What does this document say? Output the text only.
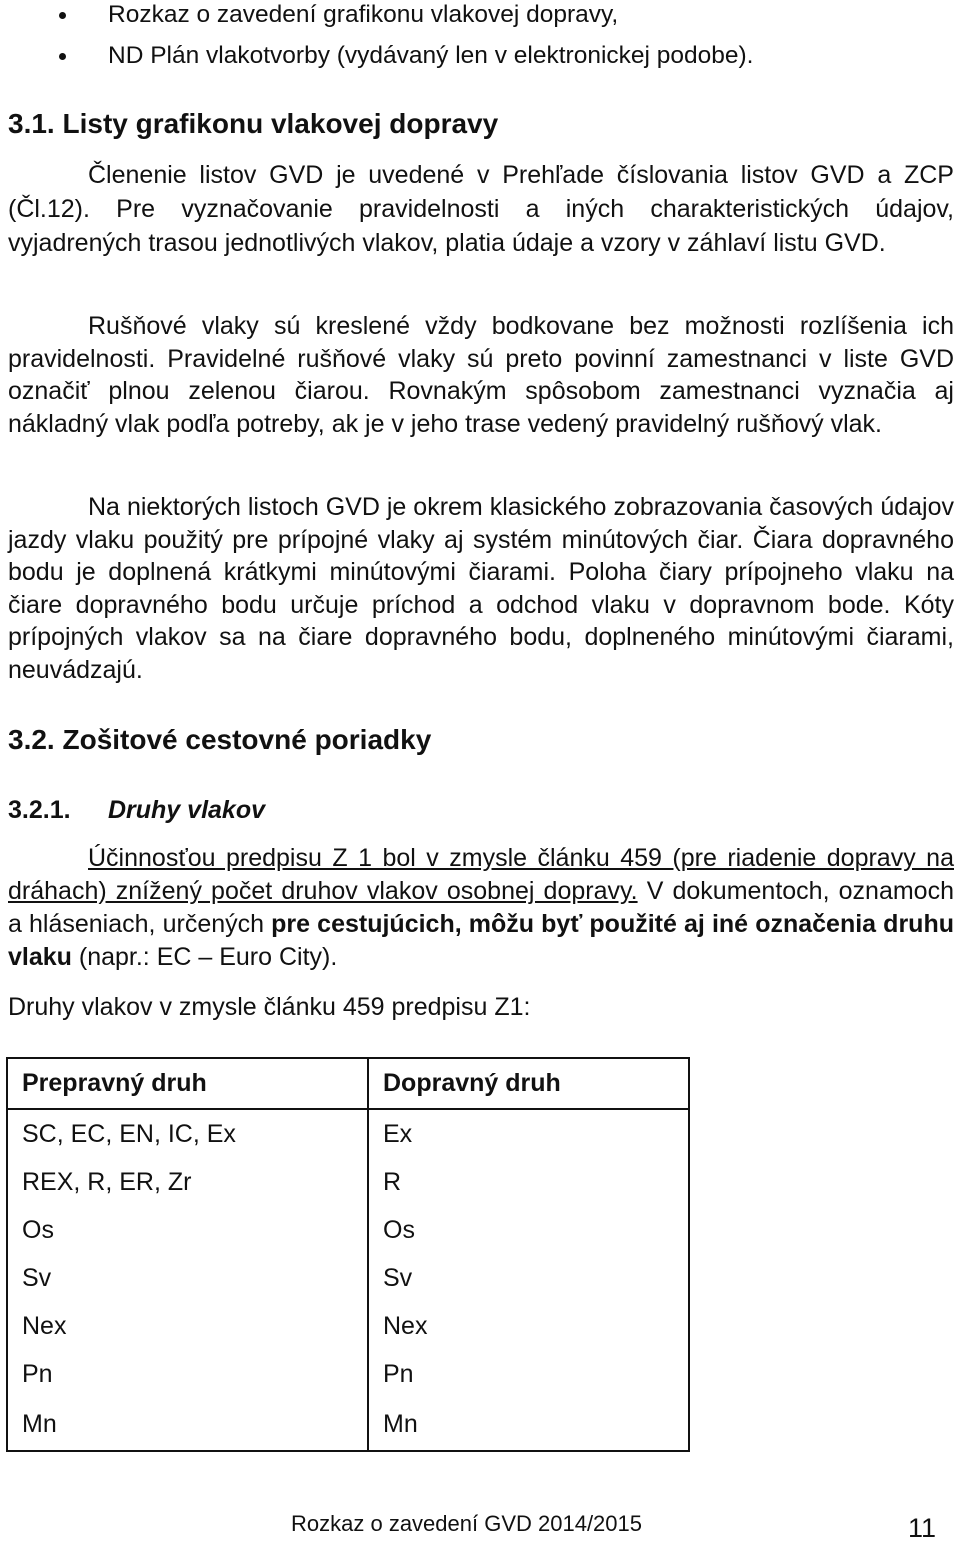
Rozkaz o zavedení grafikonu vlakovej dopravy,
ND Plán vlakotvorby (vydávaný len v elektronickej podobe).
3.1. Listy grafikonu vlakovej dopravy

Členenie listov GVD je uvedené v Prehľade číslovania listov GVD a ZCP (Čl.12). Pre vyznačovanie pravidelnosti a iných charakteristických údajov, vyjadrených trasou jednotlivých vlakov, platia údaje a vzory v záhlaví listu GVD.

Rušňové vlaky sú kreslené vždy bodkovane bez možnosti rozlíšenia ich pravidelnosti. Pravidelné rušňové vlaky sú preto povinní zamestnanci v liste GVD označiť plnou zelenou čiarou. Rovnakým spôsobom zamestnanci vyznačia aj nákladný vlak podľa potreby, ak je v jeho trase vedený pravidelný rušňový vlak.

Na niektorých listoch GVD je okrem klasického zobrazovania časových údajov jazdy vlaku použitý pre prípojné vlaky aj systém minútových čiar. Čiara dopravného bodu je doplnená krátkymi minútovými čiarami. Poloha čiary prípojneho vlaku na čiare dopravného bodu určuje príchod a odchod vlaku v dopravnom bode. Kóty prípojných vlakov sa na čiare dopravného bodu, doplneného minútovými čiarami, neuvádzajú.

3.2. Zošitové cestovné poriadky
3.2.1. Druhy vlakov

Účinnosťou predpisu Z 1 bol v zmysle článku 459 (pre riadenie dopravy na dráhach) znížený počet druhov vlakov osobnej dopravy. V dokumentoch, oznamoch a hláseniach, určených pre cestujúcich, môžu byť použité aj iné označenia druhu vlaku (napr.: EC – Euro City).

Druhy vlakov v zmysle článku 459 predpisu Z1:

Prepravný druh	Dopravný druh
SC, EC, EN, IC, Ex	Ex
REX, R, ER, Zr	R
Os	Os
Sv	Sv
Nex	Nex
Pn	Pn
Mn	Mn
Rozkaz o zavedení GVD 2014/2015	11
